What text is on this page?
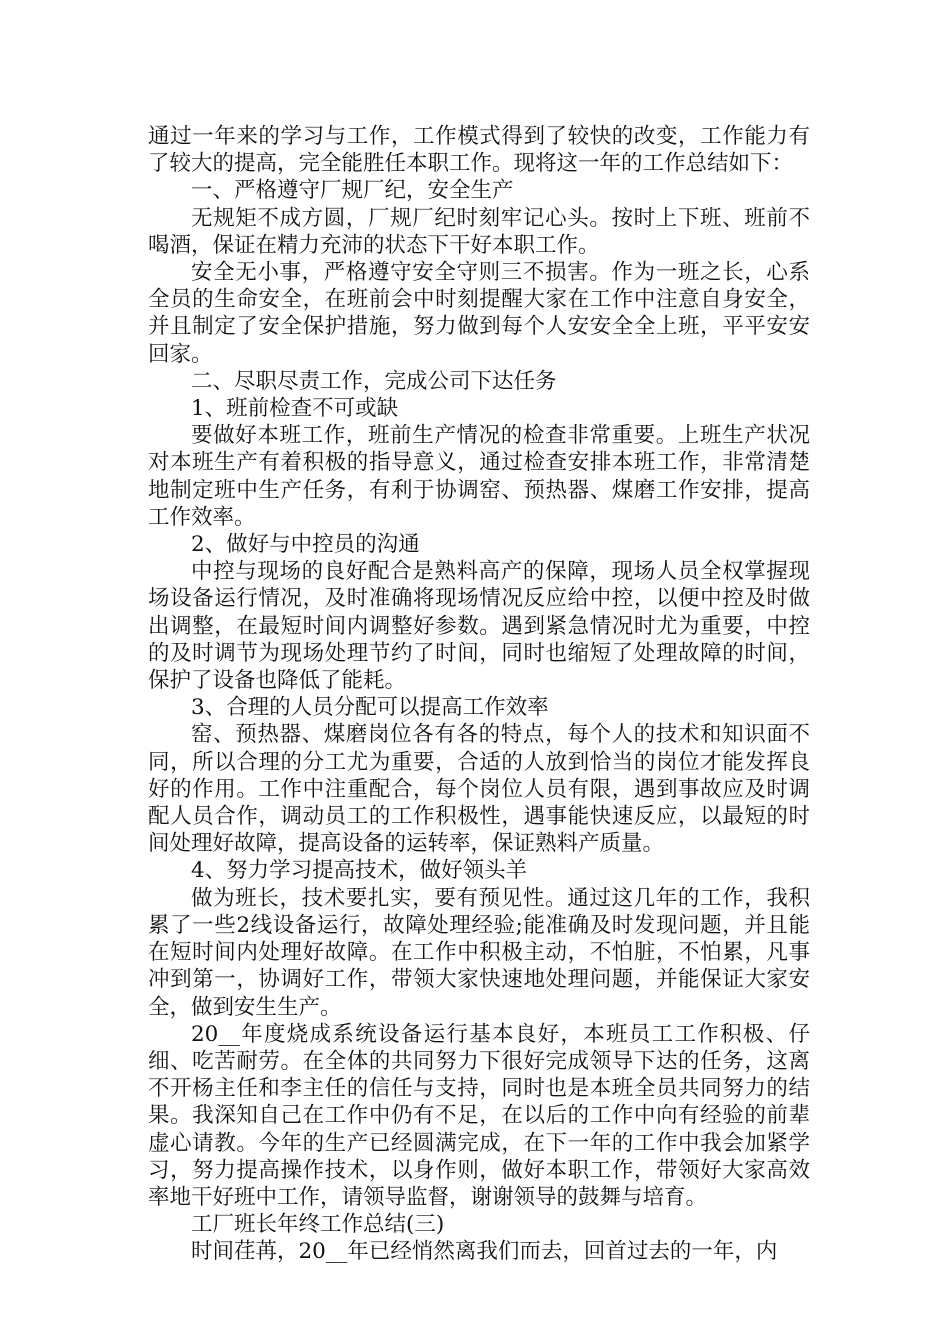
通过一年来的学习与工作，工作模式得到了较快的改变，工作能力有了较大的提高，完全能胜任本职工作。现将这一年的工作总结如下：

一、严格遵守厂规厂纪，安全生产

无规矩不成方圆，厂规厂纪时刻牢记心头。按时上下班、班前不喝酒，保证在精力充沛的状态下干好本职工作。

安全无小事，严格遵守安全守则三不损害。作为一班之长，心系全员的生命安全，在班前会中时刻提醒大家在工作中注意自身安全，并且制定了安全保护措施，努力做到每个人安安全全上班，平平安安回家。

二、尽职尽责工作，完成公司下达任务

1、班前检查不可或缺

要做好本班工作，班前生产情况的检查非常重要。上班生产状况对本班生产有着积极的指导意义，通过检查安排本班工作，非常清楚地制定班中生产任务，有利于协调窑、预热器、煤磨工作安排，提高工作效率。

2、做好与中控员的沟通

中控与现场的良好配合是熟料高产的保障，现场人员全权掌握现场设备运行情况，及时准确将现场情况反应给中控，以便中控及时做出调整，在最短时间内调整好参数。遇到紧急情况时尤为重要，中控的及时调节为现场处理节约了时间，同时也缩短了处理故障的时间，保护了设备也降低了能耗。

3、合理的人员分配可以提高工作效率

窑、预热器、煤磨岗位各有各的特点，每个人的技术和知识面不同，所以合理的分工尤为重要，合适的人放到恰当的岗位才能发挥良好的作用。工作中注重配合，每个岗位人员有限，遇到事故应及时调配人员合作，调动员工的工作积极性，遇事能快速反应，以最短的时间处理好故障，提高设备的运转率，保证熟料产质量。

4、努力学习提高技术，做好领头羊

做为班长，技术要扎实，要有预见性。通过这几年的工作，我积累了一些2线设备运行，故障处理经验;能准确及时发现问题，并且能在短时间内处理好故障。在工作中积极主动，不怕脏，不怕累，凡事冲到第一，协调好工作，带领大家快速地处理问题，并能保证大家安全，做到安生生产。

20__年度烧成系统设备运行基本良好，本班员工工作积极、仔细、吃苦耐劳。在全体的共同努力下很好完成领导下达的任务，这离不开杨主任和李主任的信任与支持，同时也是本班全员共同努力的结果。我深知自己在工作中仍有不足，在以后的工作中向有经验的前辈虚心请教。今年的生产已经圆满完成，在下一年的工作中我会加紧学习，努力提高操作技术，以身作则，做好本职工作，带领好大家高效率地干好班中工作，请领导监督，谢谢领导的鼓舞与培育。

工厂班长年终工作总结(三)

时间荏苒，20__年已经悄然离我们而去，回首过去的一年，内
